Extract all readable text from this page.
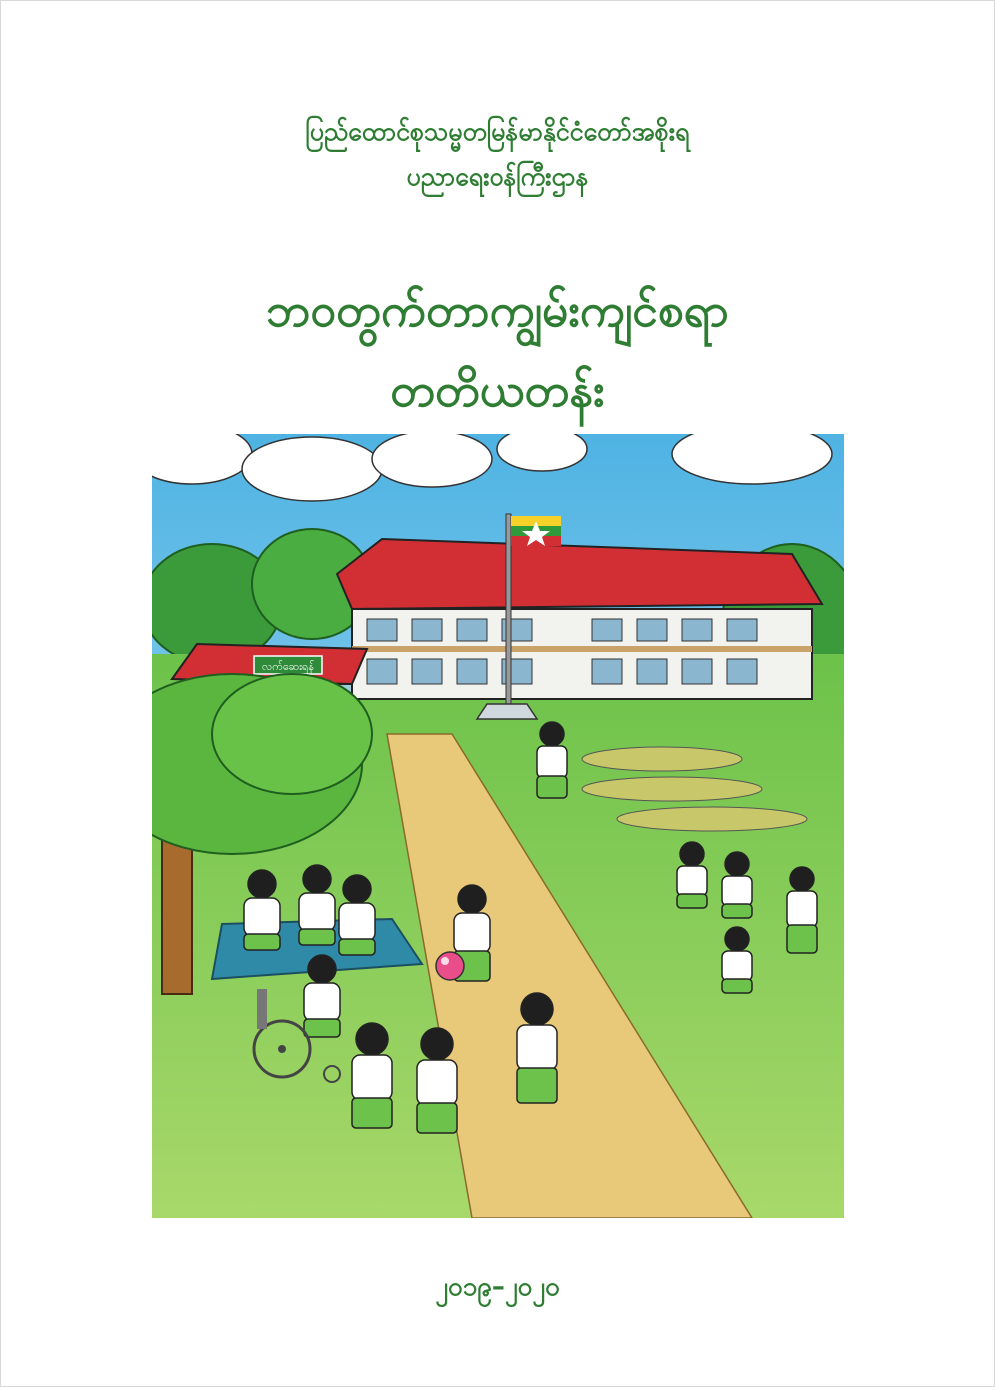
ပြည်ထောင်စုသမ္မတမြန်မာနိုင်ငံတော်အစိုးရ
ပညာရေးဝန်ကြီးဌာန
ဘဝတွက်တာကျွမ်းကျင်စရာ
တတိယတန်း
လက်ဆေးရန်
၂၀၁၉–၂၀၂၀
